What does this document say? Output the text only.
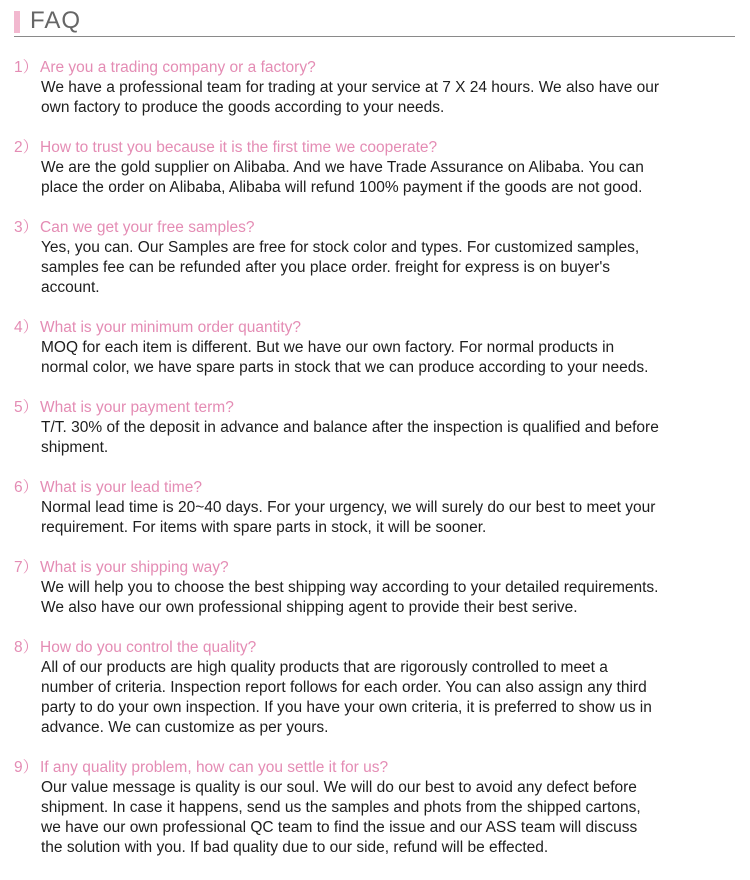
FAQ
1） Are you a trading company or a factory?
We have a professional team for trading at your service at 7 X 24 hours. We also have our
own factory to produce the goods according to your needs.
2） How to trust you because it is the first time we cooperate?
We are the gold supplier on Alibaba. And we have Trade Assurance on Alibaba. You can
place the order on Alibaba, Alibaba will refund 100% payment if the goods are not good.
3） Can we get your free samples?
Yes, you can. Our Samples are free for stock color and types. For customized samples,
samples fee can be refunded after you place order. freight for express is on buyer's
account.
4） What is your minimum order quantity?
MOQ for each item is different. But we have our own factory. For normal products in
normal color, we have spare parts in stock that we can produce according to your needs.
5） What is your payment term?
T/T. 30% of the deposit in advance and balance after the inspection is qualified and before
shipment.
6） What is your lead time?
Normal lead time is 20~40 days. For your urgency, we will surely do our best to meet your
requirement. For items with spare parts in stock, it will be sooner.
7） What is your shipping way?
We will help you to choose the best shipping way according to your detailed requirements.
We also have our own professional shipping agent to provide their best serive.
8） How do you control the quality?
All of our products are high quality products that are rigorously controlled to meet a
number of criteria. Inspection report follows for each order. You can also assign any third
party to do your own inspection. If you have your own criteria, it is preferred to show us in
advance. We can customize as per yours.
9） If any quality problem, how can you settle it for us?
Our value message is quality is our soul. We will do our best to avoid any defect before
shipment. In case it happens, send us the samples and phots from the shipped cartons,
we have our own professional QC team to find the issue and our ASS team will discuss
the solution with you. If bad quality due to our side, refund will be effected.
